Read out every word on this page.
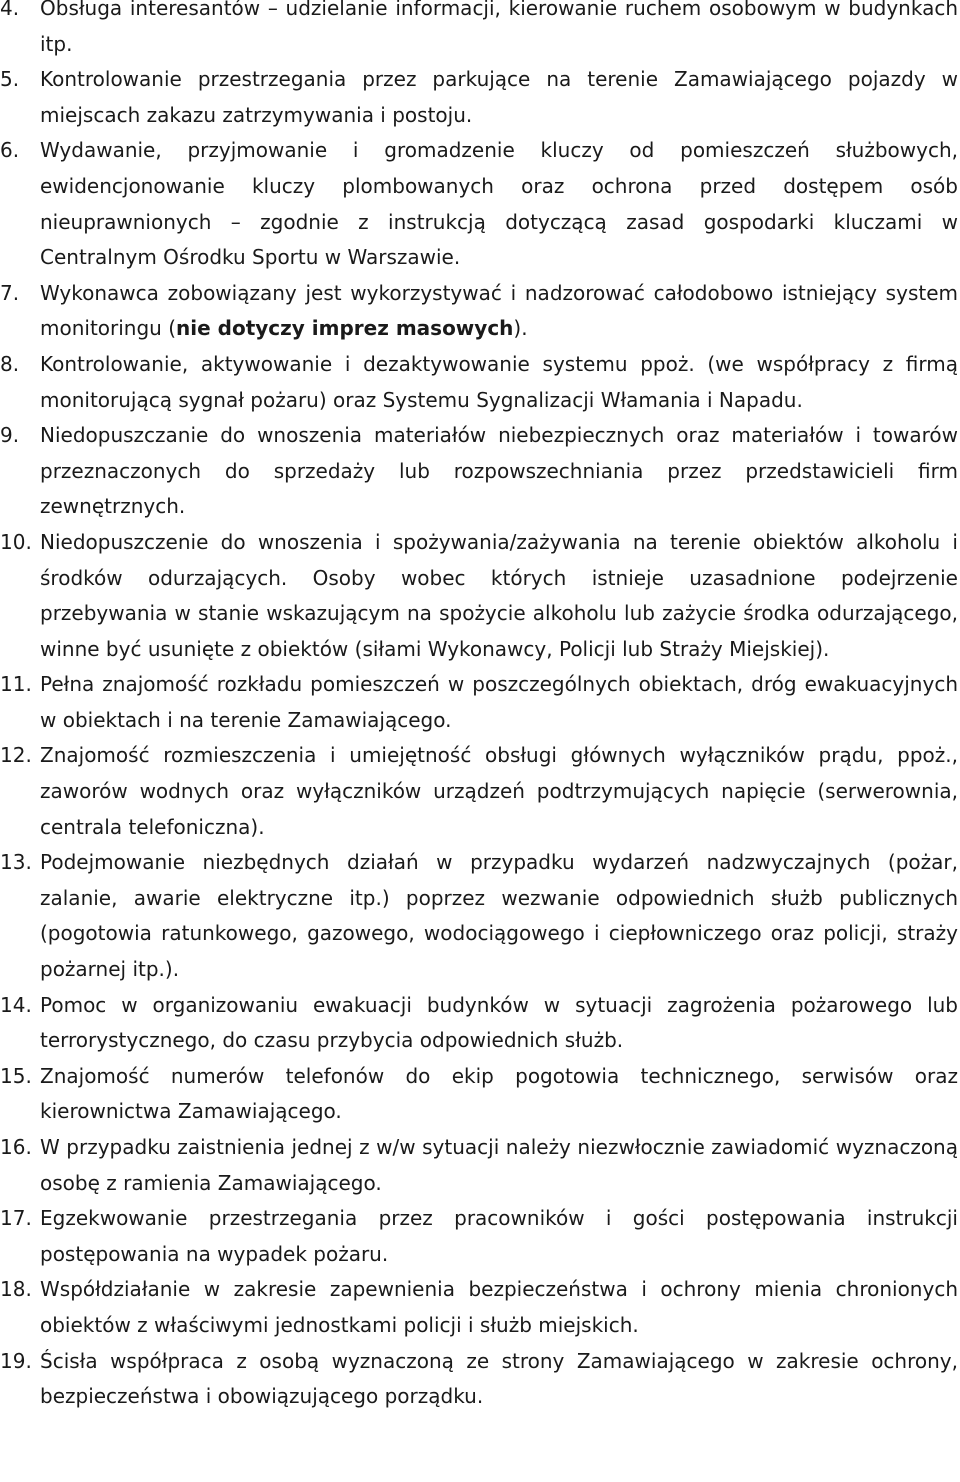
4.	Obsługa interesantów – udzielanie informacji, kierowanie ruchem osobowym w budynkach itp.
5.	Kontrolowanie przestrzegania przez parkujące na terenie Zamawiającego pojazdy w miejscach zakazu zatrzymywania i postoju.
6.	Wydawanie, przyjmowanie i gromadzenie kluczy od pomieszczeń służbowych, ewidencjonowanie kluczy plombowanych oraz ochrona przed dostępem osób nieuprawnionych – zgodnie z instrukcją dotyczącą zasad gospodarki kluczami w Centralnym Ośrodku Sportu w Warszawie.
7.	Wykonawca zobowiązany jest wykorzystywać i nadzorować całodobowo istniejący system monitoringu (nie dotyczy imprez masowych).
8.	Kontrolowanie, aktywowanie i dezaktywowanie systemu ppoż. (we współpracy z firmą monitorującą sygnał pożaru) oraz Systemu Sygnalizacji Włamania i Napadu.
9.	Niedopuszczanie do wnoszenia materiałów niebezpiecznych oraz materiałów i towarów przeznaczonych do sprzedaży lub rozpowszechniania przez przedstawicieli firm zewnętrznych.
10. Niedopuszczenie do wnoszenia i spożywania/zażywania na terenie obiektów alkoholu i środków odurzających. Osoby wobec których istnieje uzasadnione podejrzenie przebywania w stanie wskazującym na spożycie alkoholu lub zażycie środka odurzającego, winne być usunięte z obiektów (siłami Wykonawcy, Policji lub Straży Miejskiej).
11. Pełna znajomość rozkładu pomieszczeń w poszczególnych obiektach, dróg ewakuacyjnych w obiektach i na terenie Zamawiającego.
12. Znajomość rozmieszczenia i umiejętność obsługi głównych wyłączników prądu, ppoż., zaworów wodnych oraz wyłączników urządzeń podtrzymujących napięcie (serwerownia, centrala telefoniczna).
13. Podejmowanie niezbędnych działań w przypadku wydarzeń nadzwyczajnych (pożar, zalanie, awarie elektryczne itp.) poprzez wezwanie odpowiednich służb publicznych (pogotowia ratunkowego, gazowego, wodociągowego i ciepłowniczego oraz policji, straży pożarnej itp.).
14. Pomoc w organizowaniu ewakuacji budynków w sytuacji zagrożenia pożarowego lub terrorystycznego, do czasu przybycia odpowiednich służb.
15. Znajomość numerów telefonów do ekip pogotowia technicznego, serwisów oraz kierownictwa Zamawiającego.
16. W przypadku zaistnienia jednej z w/w sytuacji należy niezwłocznie zawiadomić wyznaczoną osobę z ramienia Zamawiającego.
17. Egzekwowanie przestrzegania przez pracowników i gości postępowania instrukcji postępowania na wypadek pożaru.
18. Współdziałanie w zakresie zapewnienia bezpieczeństwa i ochrony mienia chronionych obiektów z właściwymi jednostkami policji i służb miejskich.
19. Ścisła współpraca z osobą wyznaczoną ze strony Zamawiającego w zakresie ochrony, bezpieczeństwa i obowiązującego porządku.
